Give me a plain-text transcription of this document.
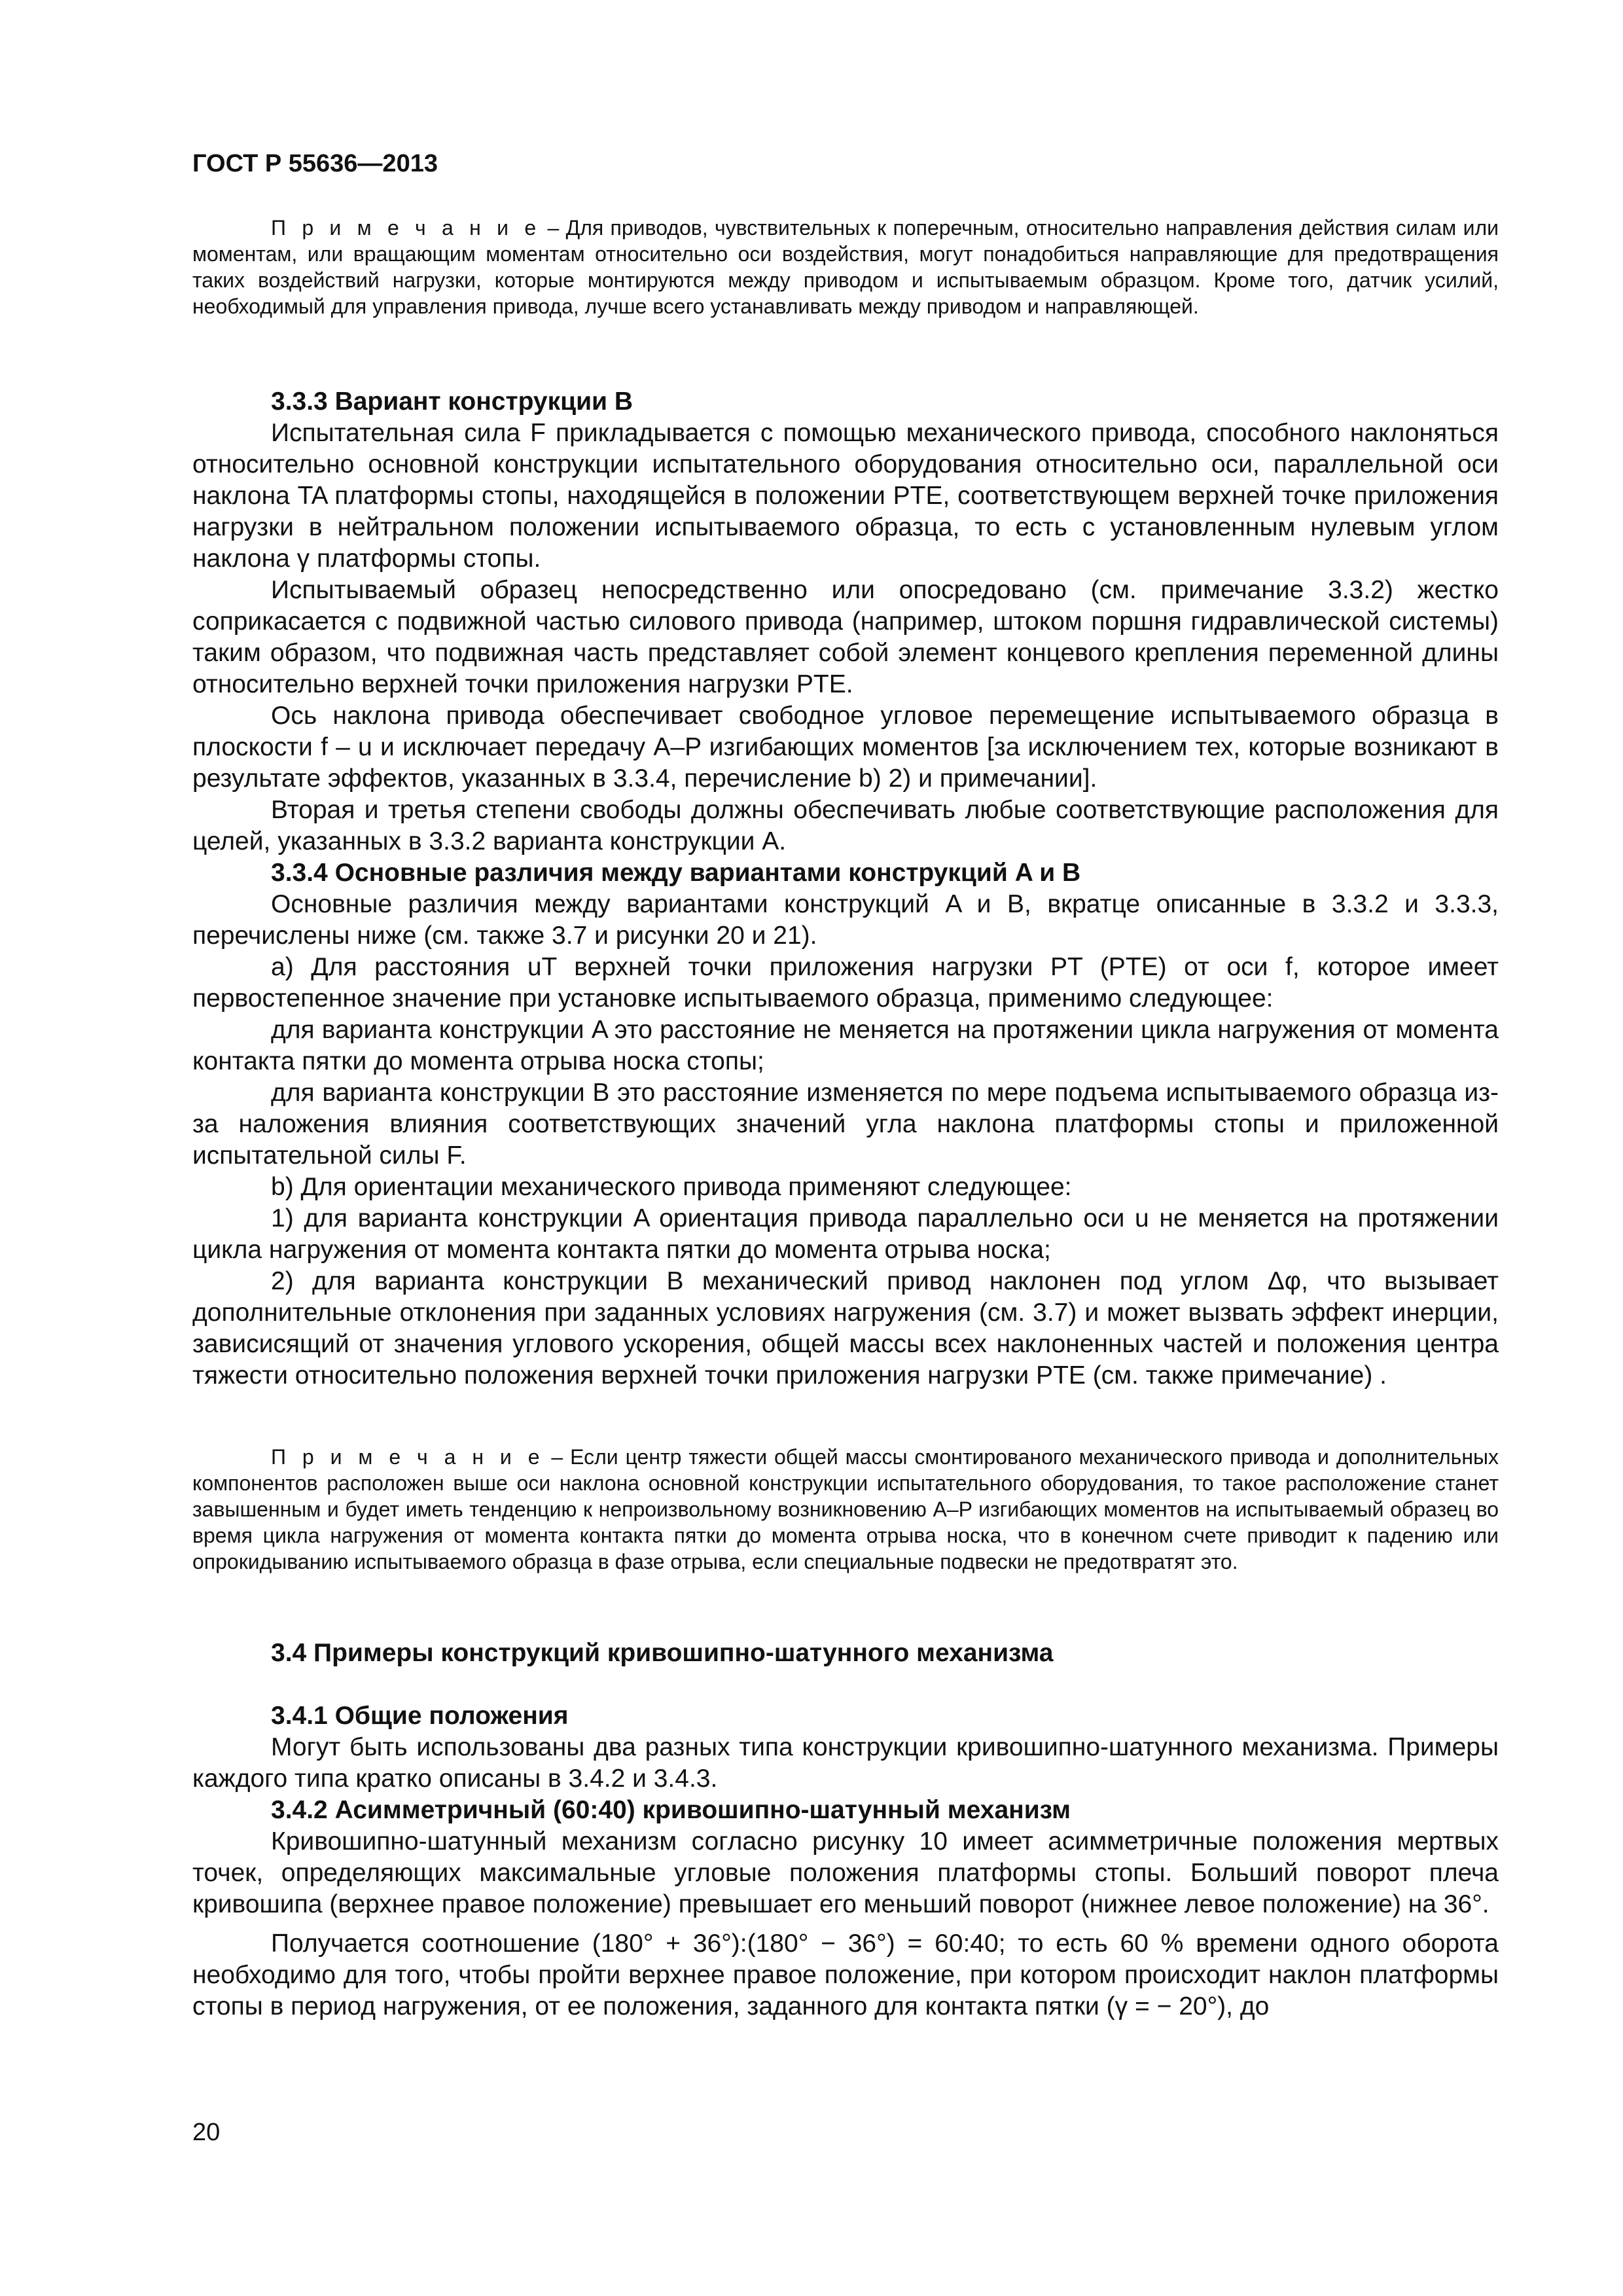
ГОСТ Р 55636—2013

П р и м е ч а н и е – Для приводов, чувствительных к поперечным, относительно направления действия силам или моментам, или вращающим моментам относительно оси воздействия, могут понадобиться направляющие для предотвращения таких воздействий нагрузки, которые монтируются между приводом и испытываемым образцом. Кроме того, датчик усилий, необходимый для управления привода, лучше всего устанавливать между приводом и направляющей.

3.3.3 Вариант конструкции B

Испытательная сила F прикладывается с помощью механического привода, способного наклоняться относительно основной конструкции испытательного оборудования относительно оси, параллельной оси наклона TA платформы стопы, находящейся в положении PTE, соответствующем верхней точке приложения нагрузки в нейтральном положении испытываемого образца, то есть с установленным нулевым углом наклона γ платформы стопы.

Испытываемый образец непосредственно или опосредовано (см. примечание 3.3.2) жестко соприкасается с подвижной частью силового привода (например, штоком поршня гидравлической системы) таким образом, что подвижная часть представляет собой элемент концевого крепления переменной длины относительно верхней точки приложения нагрузки PTE.

Ось наклона привода обеспечивает свободное угловое перемещение испытываемого образца в плоскости f – u и исключает передачу A–P изгибающих моментов [за исключением тех, которые возникают в результате эффектов, указанных в 3.3.4, перечисление b) 2) и примечании].

Вторая и третья степени свободы должны обеспечивать любые соответствующие расположения для целей, указанных в 3.3.2 варианта конструкции A.

3.3.4 Основные различия между вариантами конструкций A и B

Основные различия между вариантами конструкций A и B, вкратце описанные в 3.3.2 и 3.3.3, перечислены ниже (см. также 3.7 и рисунки 20 и 21).

a) Для расстояния uT верхней точки приложения нагрузки PT (PTE) от оси f, которое имеет первостепенное значение при установке испытываемого образца, применимо следующее:

для варианта конструкции A это расстояние не меняется на протяжении цикла нагружения от момента контакта пятки до момента отрыва носка стопы;

для варианта конструкции B это расстояние изменяется по мере подъема испытываемого образца из-за наложения влияния соответствующих значений угла наклона платформы стопы и приложенной испытательной силы F.

b) Для ориентации механического привода применяют следующее:

1) для варианта конструкции A ориентация привода параллельно оси u не меняется на протяжении цикла нагружения от момента контакта пятки до момента отрыва носка;

2) для варианта конструкции B механический привод наклонен под углом Δφ, что вызывает дополнительные отклонения при заданных условиях нагружения (см. 3.7) и может вызвать эффект инерции, зависисящий от значения углового ускорения, общей массы всех наклоненных частей и положения центра тяжести относительно положения верхней точки приложения нагрузки PTE (см. также примечание) .

П р и м е ч а н и е – Если центр тяжести общей массы смонтированого механического привода и дополнительных компонентов расположен выше оси наклона основной конструкции испытательного оборудования, то такое расположение станет завышенным и будет иметь тенденцию к непроизвольному возникновению A–P изгибающих моментов на испытываемый образец во время цикла нагружения от момента контакта пятки до момента отрыва носка, что в конечном счете приводит к падению или опрокидыванию испытываемого образца в фазе отрыва, если специальные подвески не предотвратят это.

3.4 Примеры конструкций кривошипно-шатунного механизма
3.4.1 Общие положения

Могут быть использованы два разных типа конструкции кривошипно-шатунного механизма. Примеры каждого типа кратко описаны в 3.4.2 и 3.4.3.

3.4.2 Асимметричный (60:40) кривошипно-шатунный механизм

Кривошипно-шатунный механизм согласно рисунку 10 имеет асимметричные положения мертвых точек, определяющих максимальные угловые положения платформы стопы. Больший поворот плеча кривошипа (верхнее правое положение) превышает его меньший поворот (нижнее левое положение) на 36°.

Получается соотношение (180° + 36°):(180° − 36°) = 60:40; то есть 60 % времени одного оборота необходимо для того, чтобы пройти верхнее правое положение, при котором происходит наклон платформы стопы в период нагружения, от ее положения, заданного для контакта пятки (γ = − 20°), до

20
